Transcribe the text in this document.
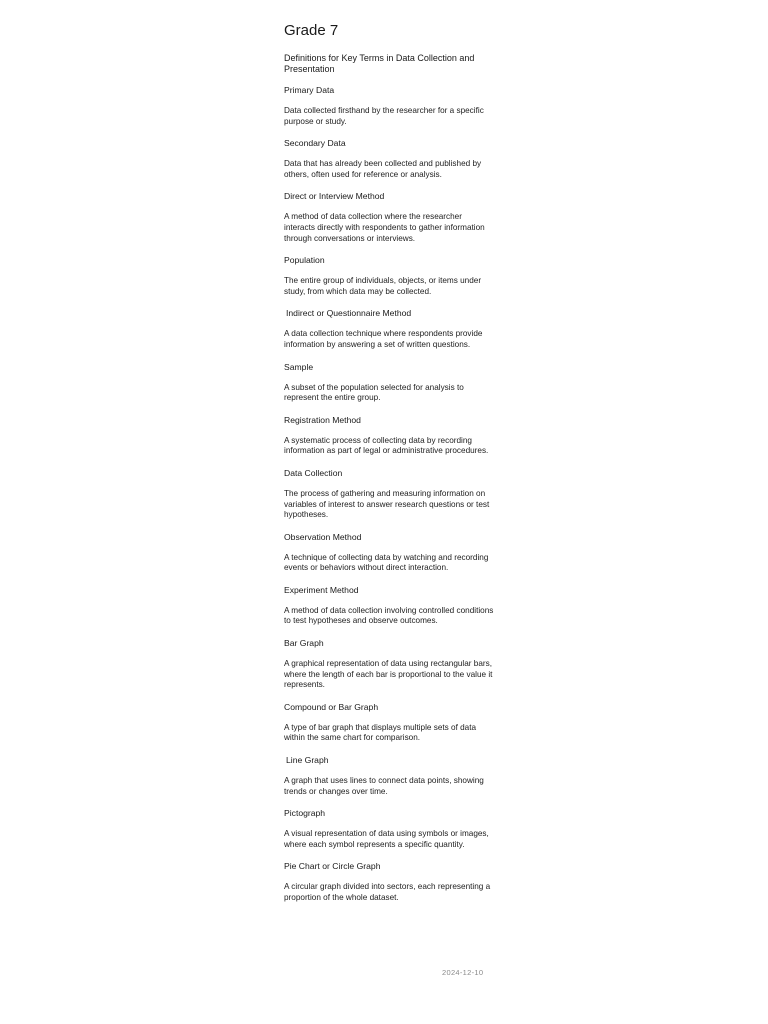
Grade 7
Definitions for Key Terms in Data Collection and Presentation
Primary Data
Data collected firsthand by the researcher for a specific purpose or study.
Secondary Data
Data that has already been collected and published by others, often used for reference or analysis.
Direct or Interview Method
A method of data collection where the researcher interacts directly with respondents to gather information through conversations or interviews.
Population
The entire group of individuals, objects, or items under study, from which data may be collected.
Indirect or Questionnaire Method
A data collection technique where respondents provide information by answering a set of written questions.
Sample
A subset of the population selected for analysis to represent the entire group.
Registration Method
A systematic process of collecting data by recording information as part of legal or administrative procedures.
Data Collection
The process of gathering and measuring information on variables of interest to answer research questions or test hypotheses.
Observation Method
A technique of collecting data by watching and recording events or behaviors without direct interaction.
Experiment Method
A method of data collection involving controlled conditions to test hypotheses and observe outcomes.
Bar Graph
A graphical representation of data using rectangular bars, where the length of each bar is proportional to the value it represents.
Compound or Bar Graph
A type of bar graph that displays multiple sets of data within the same chart for comparison.
Line Graph
A graph that uses lines to connect data points, showing trends or changes over time.
Pictograph
A visual representation of data using symbols or images, where each symbol represents a specific quantity.
Pie Chart or Circle Graph
A circular graph divided into sectors, each representing a proportion of the whole dataset.
2024-12-10
